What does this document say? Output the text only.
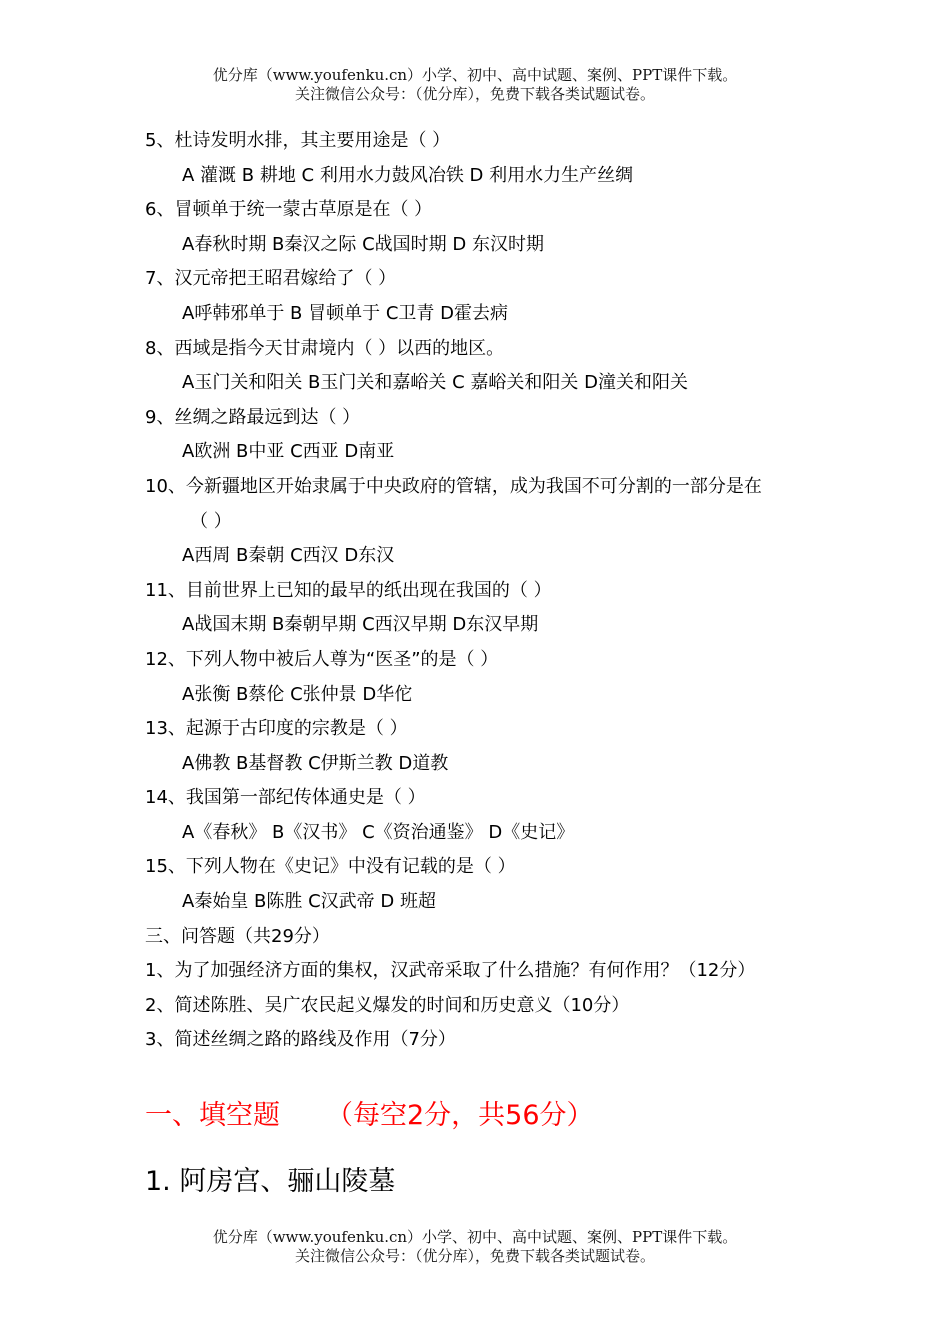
优分库（www.youfenku.cn）小学、初中、高中试题、案例、PPT课件下载。
关注微信公众号：（优分库），免费下载各类试题试卷。
5、杜诗发明水排，其主要用途是（ ）
A 灌溉 B 耕地 C 利用水力鼓风冶铁 D 利用水力生产丝绸
6、冒顿单于统一蒙古草原是在（ ）
A春秋时期 B秦汉之际 C战国时期 D 东汉时期
7、汉元帝把王昭君嫁给了（ ）
A呼韩邪单于 B 冒顿单于 C卫青 D霍去病
8、西域是指今天甘肃境内（ ）以西的地区。
A玉门关和阳关 B玉门关和嘉峪关 C 嘉峪关和阳关 D潼关和阳关
9、丝绸之路最远到达（ ）
A欧洲 B中亚 C西亚 D南亚
10、今新疆地区开始隶属于中央政府的管辖，成为我国不可分割的一部分是在
（ ）
A西周 B秦朝 C西汉 D东汉
11、目前世界上已知的最早的纸出现在我国的（ ）
A战国末期 B秦朝早期 C西汉早期 D东汉早期
12、下列人物中被后人尊为“医圣”的是（ ）
A张衡 B蔡伦 C张仲景 D华佗
13、起源于古印度的宗教是（ ）
A佛教 B基督教 C伊斯兰教 D道教
14、我国第一部纪传体通史是（ ）
A《春秋》 B《汉书》 C《资治通鉴》 D《史记》
15、下列人物在《史记》中没有记载的是（ ）
A秦始皇 B陈胜 C汉武帝 D 班超
三、问答题（共29分）
1、为了加强经济方面的集权，汉武帝采取了什么措施？有何作用？（12分）
2、简述陈胜、吴广农民起义爆发的时间和历史意义（10分）
3、简述丝绸之路的路线及作用（7分）
一、填空题 （每空2分，共56分）
1. 阿房宫、骊山陵墓
优分库（www.youfenku.cn）小学、初中、高中试题、案例、PPT课件下载。
关注微信公众号：（优分库），免费下载各类试题试卷。
